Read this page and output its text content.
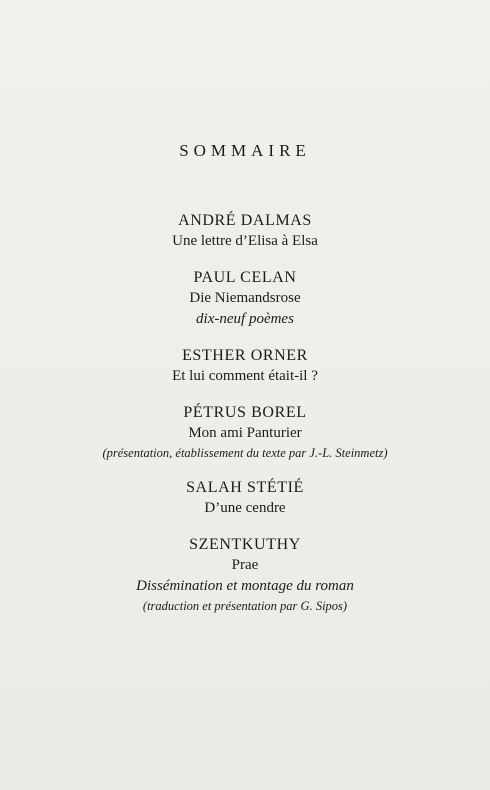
SOMMAIRE
ANDRÉ DALMAS
Une lettre d’Elisa à Elsa
PAUL CELAN
Die Niemandsrose
dix-neuf poèmes
ESTHER ORNER
Et lui comment était-il ?
PÉTRUS BOREL
Mon ami Panturier
(présentation, établissement du texte par J.-L. Steinmetz)
SALAH STÉTIÉ
D’une cendre
SZENTKUTHY
Prae
Dissémination et montage du roman
(traduction et présentation par G. Sipos)
